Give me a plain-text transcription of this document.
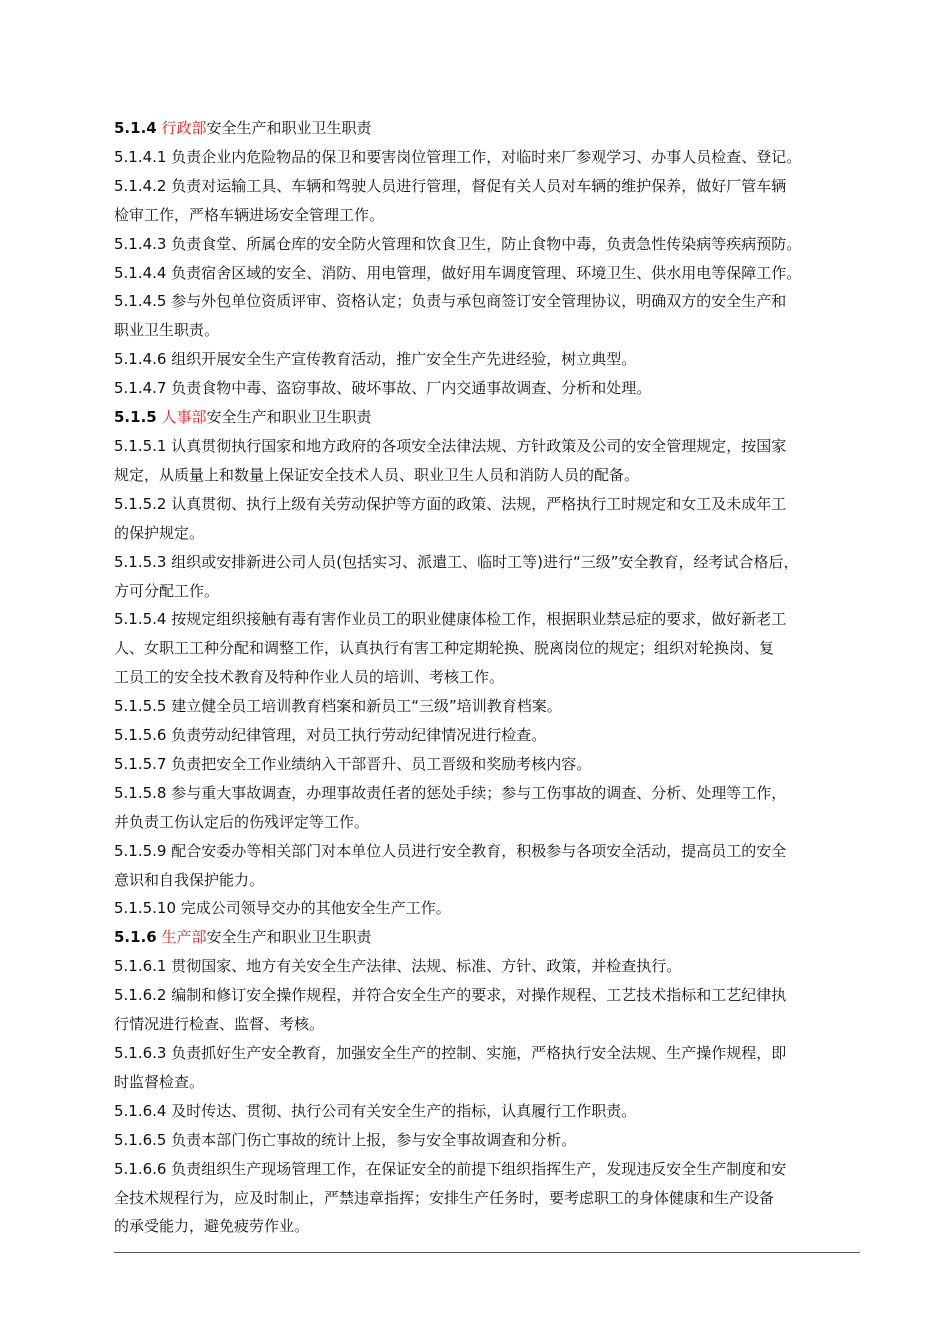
5.1.4 行政部安全生产和职业卫生职责
5.1.4.1 负责企业内危险物品的保卫和要害岗位管理工作，对临时来厂参观学习、办事人员检查、登记。
5.1.4.2 负责对运输工具、车辆和驾驶人员进行管理，督促有关人员对车辆的维护保养，做好厂管车辆
检审工作，严格车辆进场安全管理工作。
5.1.4.3 负责食堂、所属仓库的安全防火管理和饮食卫生，防止食物中毒，负责急性传染病等疾病预防。
5.1.4.4 负责宿舍区域的安全、消防、用电管理，做好用车调度管理、环境卫生、供水用电等保障工作。
5.1.4.5 参与外包单位资质评审、资格认定；负责与承包商签订安全管理协议，明确双方的安全生产和
职业卫生职责。
5.1.4.6 组织开展安全生产宣传教育活动，推广安全生产先进经验，树立典型。
5.1.4.7 负责食物中毒、盗窃事故、破坏事故、厂内交通事故调查、分析和处理。
5.1.5 人事部安全生产和职业卫生职责
5.1.5.1 认真贯彻执行国家和地方政府的各项安全法律法规、方针政策及公司的安全管理规定，按国家
规定，从质量上和数量上保证安全技术人员、职业卫生人员和消防人员的配备。
5.1.5.2 认真贯彻、执行上级有关劳动保护等方面的政策、法规，严格执行工时规定和女工及未成年工
的保护规定。
5.1.5.3 组织或安排新进公司人员(包括实习、派遣工、临时工等)进行“三级”安全教育，经考试合格后，
方可分配工作。
5.1.5.4 按规定组织接触有毒有害作业员工的职业健康体检工作，根据职业禁忌症的要求，做好新老工
人、女职工工种分配和调整工作，认真执行有害工种定期轮换、脱离岗位的规定；组织对轮换岗、复
工员工的安全技术教育及特种作业人员的培训、考核工作。
5.1.5.5 建立健全员工培训教育档案和新员工“三级”培训教育档案。
5.1.5.6 负责劳动纪律管理，对员工执行劳动纪律情况进行检查。
5.1.5.7 负责把安全工作业绩纳入干部晋升、员工晋级和奖励考核内容。
5.1.5.8 参与重大事故调查，办理事故责任者的惩处手续；参与工伤事故的调查、分析、处理等工作，
并负责工伤认定后的伤残评定等工作。
5.1.5.9 配合安委办等相关部门对本单位人员进行安全教育，积极参与各项安全活动，提高员工的安全
意识和自我保护能力。
5.1.5.10 完成公司领导交办的其他安全生产工作。
5.1.6 生产部安全生产和职业卫生职责
5.1.6.1 贯彻国家、地方有关安全生产法律、法规、标准、方针、政策，并检查执行。
5.1.6.2 编制和修订安全操作规程，并符合安全生产的要求，对操作规程、工艺技术指标和工艺纪律执
行情况进行检查、监督、考核。
5.1.6.3 负责抓好生产安全教育，加强安全生产的控制、实施，严格执行安全法规、生产操作规程，即
时监督检查。
5.1.6.4 及时传达、贯彻、执行公司有关安全生产的指标，认真履行工作职责。
5.1.6.5 负责本部门伤亡事故的统计上报，参与安全事故调查和分析。
5.1.6.6 负责组织生产现场管理工作，在保证安全的前提下组织指挥生产，发现违反安全生产制度和安
全技术规程行为，应及时制止，严禁违章指挥；安排生产任务时，要考虑职工的身体健康和生产设备
的承受能力，避免疲劳作业。
